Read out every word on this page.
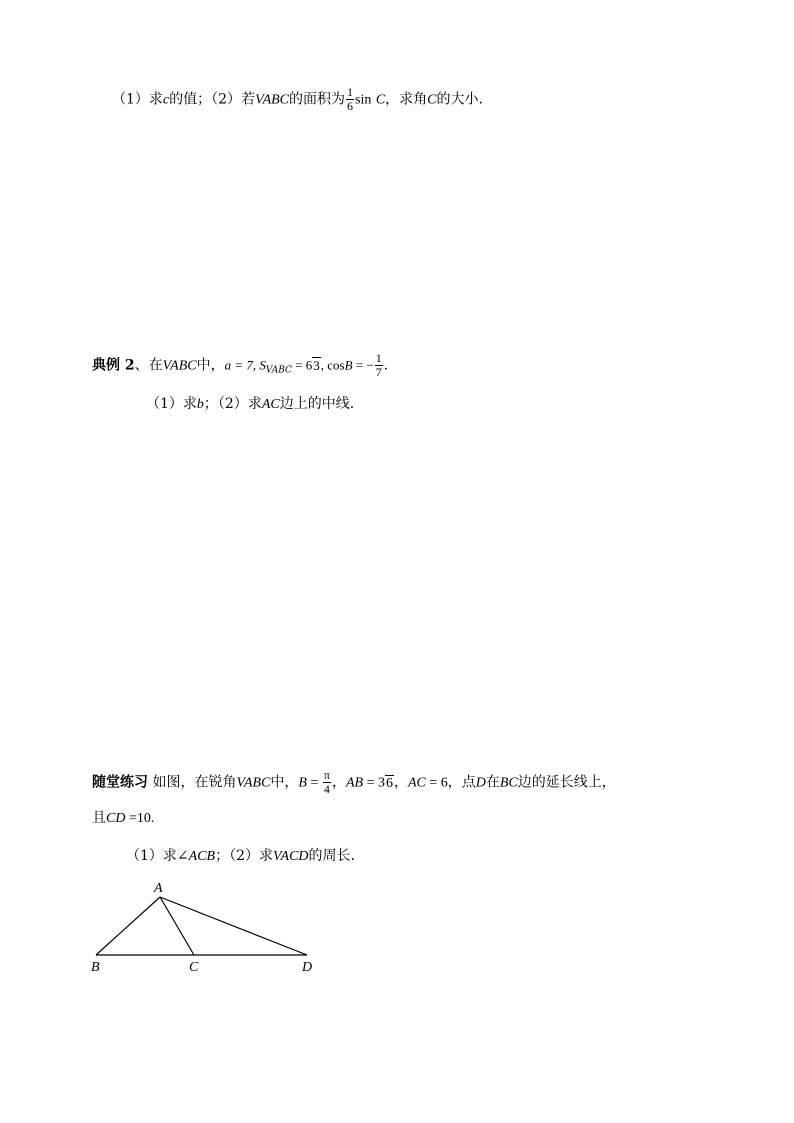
（1）求c的值；（2）若VABC的面积为 $\frac{1}{6}$ sin C，求角C的大小.
典例 2、在VABC中，a = 7, $S_{VABC} = 63$, cosB = − $\frac{1}{7}$ .
（1）求b；（2）求AC边上的中线.
随堂练习 如图，在锐角VABC中，$B = \frac{\pi}{4}$ ，AB = 36，AC = 6，点D在BC边的延长线上，
且CD =10.
（1）求∠ACB；（2）求VACD的周长.
A
B	C	D
